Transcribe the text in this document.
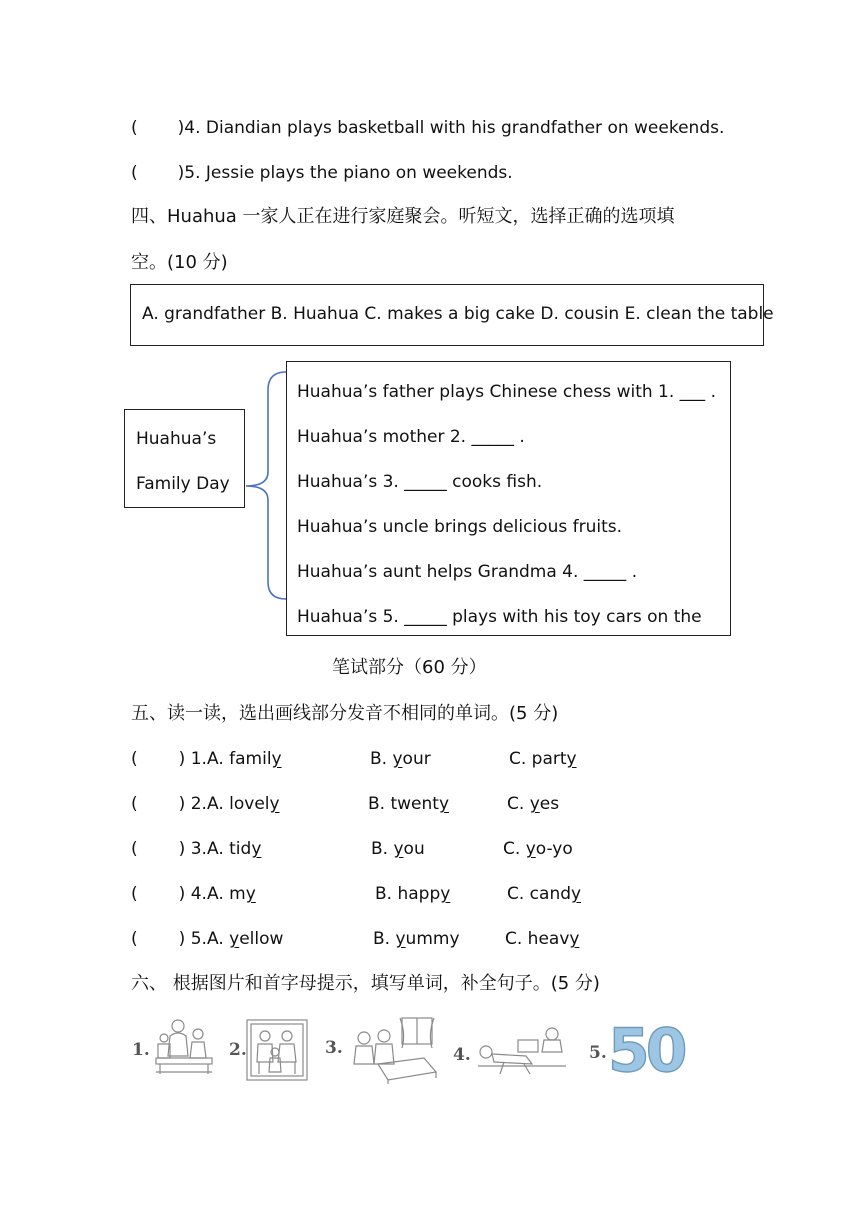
( )4. Diandian plays basketball with his grandfather on weekends.
( )5. Jessie plays the piano on weekends.
四、Huahua 一家人正在进行家庭聚会。听短文，选择正确的选项填
空。(10 分)
A. grandfather B. Huahua C. makes a big cake D. cousin E. clean the table
Huahua’s
Family Day
Huahua’s father plays Chinese chess with 1. ___ .
Huahua’s mother 2. _____ .
Huahua’s 3. _____ cooks fish.
Huahua’s uncle brings delicious fruits.
Huahua’s aunt helps Grandma 4. _____ .
Huahua’s 5. _____ plays with his toy cars on the
笔试部分（60 分）
五、读一读，选出画线部分发音不相同的单词。(5 分)
( ) 1. A. family	B. your	C. party
( ) 2. A. lovely	B. twenty	C. yes
( ) 3. A. tidy	B. you	C. yo-yo
( ) 4. A. my	B. happy	C. candy
( ) 5. A. yellow	B. yummy	C. heavy
六、 根据图片和首字母提示，填写单词，补全句子。(5 分)
1.	2.	3.	4.	5. 50
